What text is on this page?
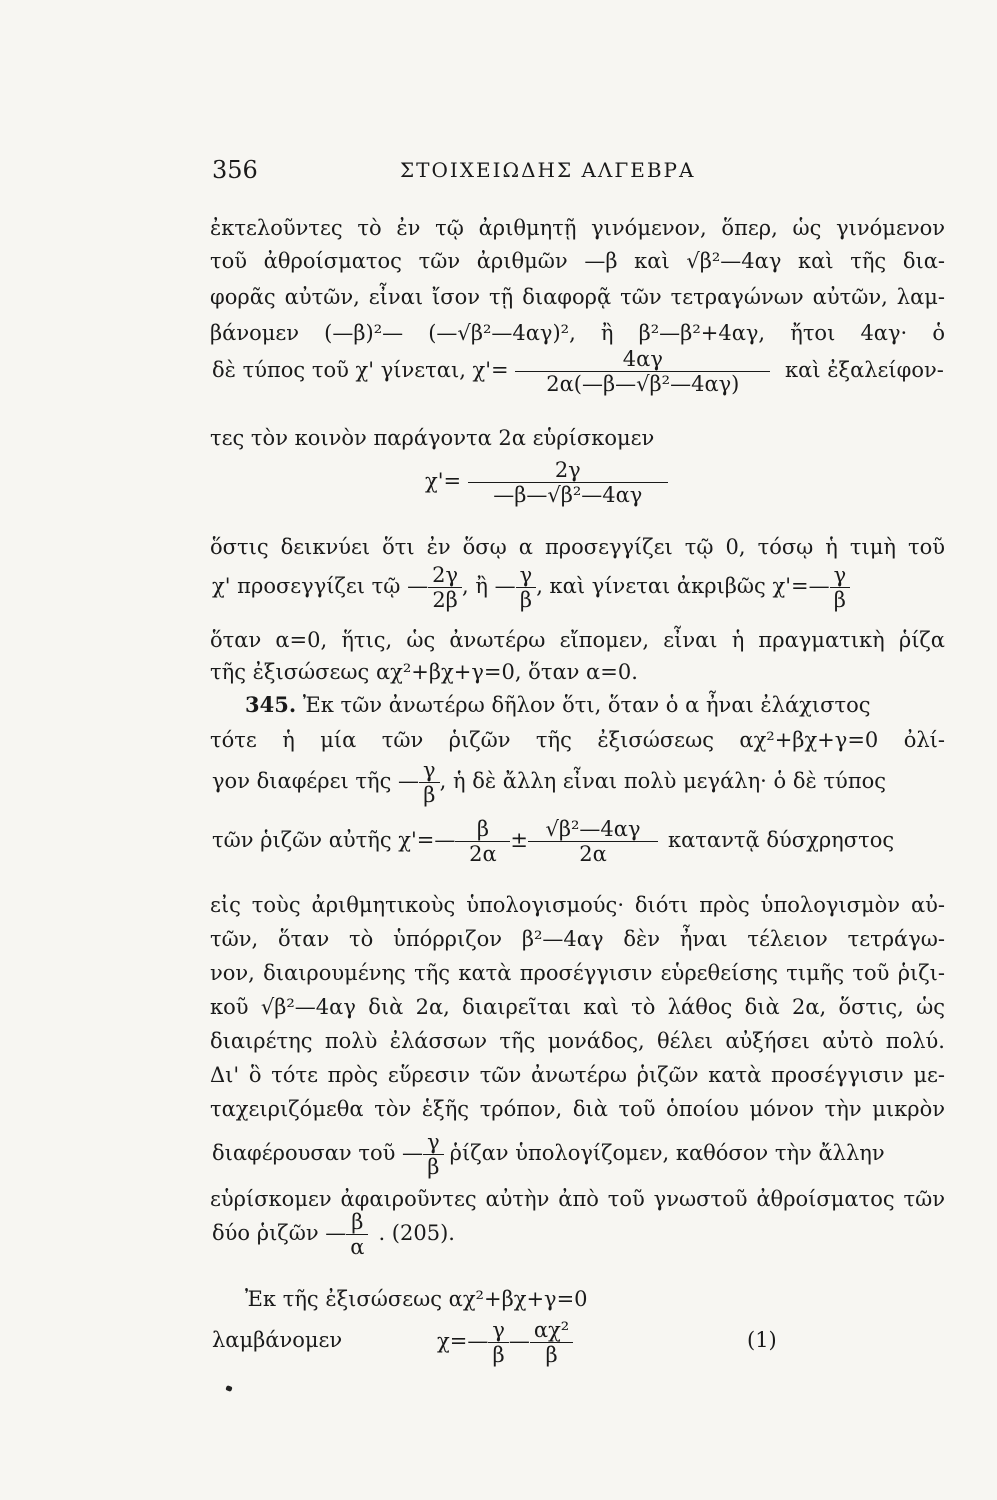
356	ΣΤΟΙΧΕΙΩΔΗΣ ΑΛΓΕΒΡΑ
ἐκτελοῦντες τὸ ἐν τῷ ἀριθμητῇ γινόμενον, ὅπερ, ὡς γινόμενον
τοῦ ἀθροίσματος τῶν ἀριθμῶν —β καὶ √β²—4αγ καὶ τῆς δια-
φορᾶς αὐτῶν, εἶναι ἴσον τῇ διαφορᾷ τῶν τετραγώνων αὐτῶν, λαμ-
βάνομεν (—β)²— (—√β²—4αγ)², ἢ β²—β²+4αγ, ἤτοι 4αγ· ὁ
δὲ τύπος τοῦ χ' γίνεται, $\chi'= \frac{4\alpha\gamma}{\text{2α(—β—√β²—4αγ)}}$ καὶ ἐξαλείφον-
τες τὸν κοινὸν παράγοντα 2α εὑρίσκομεν
$\chi'= \frac{2\gamma}{\text{—β—√β²—4αγ}}$
ὅστις δεικνύει ὅτι ἐν ὅσῳ α προσεγγίζει τῷ 0, τόσῳ ἡ τιμὴ τοῦ
χ' προσεγγίζει τῷ — $\frac{2\gamma}{2\beta}$ , ἢ — $\frac{\gamma}{\beta}$ , καὶ γίνεται ἀκριβῶς χ'=— $\frac{\gamma}{\beta}$
ὅταν α=0, ἥτις, ὡς ἀνωτέρω εἴπομεν, εἶναι ἡ πραγματικὴ ῥίζα
τῆς ἐξισώσεως αχ²+βχ+γ=0, ὅταν α=0.
345. Ἐκ τῶν ἀνωτέρω δῆλον ὅτι, ὅταν ὁ α ἦναι ἐλάχιστος
τότε ἡ μία τῶν ῥιζῶν τῆς ἐξισώσεως αχ²+βχ+γ=0 ὀλί-
γον διαφέρει τῆς — $\frac{\gamma}{\beta}$ , ἡ δὲ ἄλλη εἶναι πολὺ μεγάλη· ὁ δὲ τύπος
τῶν ῥιζῶν αὐτῆς χ'=— $\frac{\beta}{2\alpha} \pm \frac{\text{√β²—4αγ}}{2\alpha}$ καταντᾷ δύσχρηστος
εἰς τοὺς ἀριθμητικοὺς ὑπολογισμούς· διότι πρὸς ὑπολογισμὸν αὐ-
τῶν, ὅταν τὸ ὑπόρριζον β²—4αγ δὲν ἦναι τέλειον τετράγω-
νον, διαιρουμένης τῆς κατὰ προσέγγισιν εὑρεθείσης τιμῆς τοῦ ῥιζι-
κοῦ √β²—4αγ διὰ 2α, διαιρεῖται καὶ τὸ λάθος διὰ 2α, ὅστις, ὡς
διαιρέτης πολὺ ἐλάσσων τῆς μονάδος, θέλει αὐξήσει αὐτὸ πολύ.
Δι' ὃ τότε πρὸς εὕρεσιν τῶν ἀνωτέρω ῥιζῶν κατὰ προσέγγισιν με-
ταχειριζόμεθα τὸν ἑξῆς τρόπον, διὰ τοῦ ὁποίου μόνον τὴν μικρὸν
διαφέρουσαν τοῦ — $\frac{\gamma}{\beta}$ ῥίζαν ὑπολογίζομεν, καθόσον τὴν ἄλλην
εὑρίσκομεν ἀφαιροῦντες αὐτὴν ἀπὸ τοῦ γνωστοῦ ἀθροίσματος τῶν
δύο ῥιζῶν — $\frac{\beta}{\alpha}$ . (205).
Ἐκ τῆς ἐξισώσεως αχ²+βχ+γ=0
λαμβάνομεν	χ=— $\frac{\gamma}{\beta}$ — $\frac{\text{αχ²}}{\beta}$	(1)
